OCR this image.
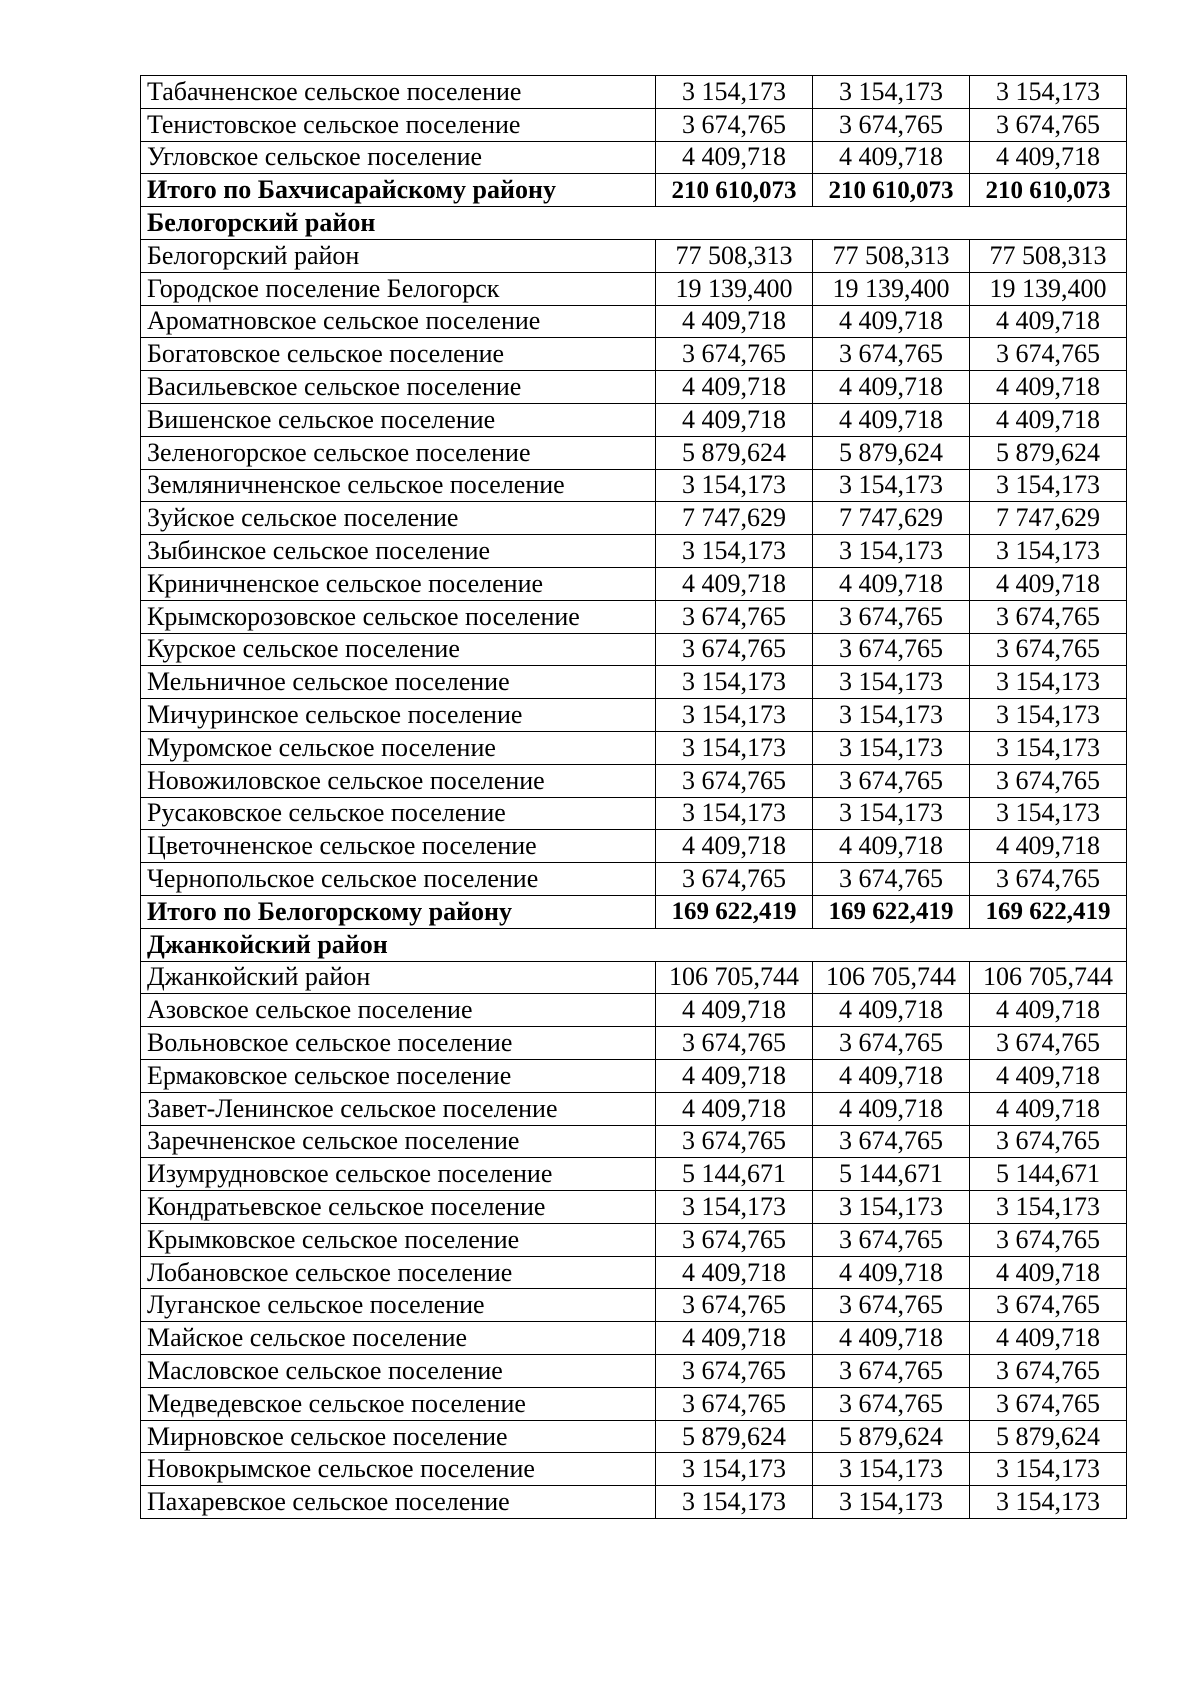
Табачненское сельское поселение	3 154,173	3 154,173	3 154,173
Тенистовское сельское поселение	3 674,765	3 674,765	3 674,765
Угловское сельское поселение	4 409,718	4 409,718	4 409,718
Итого по Бахчисарайскому району	210 610,073	210 610,073	210 610,073
Белогорский район			
Белогорский район	77 508,313	77 508,313	77 508,313
Городское поселение Белогорск	19 139,400	19 139,400	19 139,400
Ароматновское сельское поселение	4 409,718	4 409,718	4 409,718
Богатовское сельское поселение	3 674,765	3 674,765	3 674,765
Васильевское сельское поселение	4 409,718	4 409,718	4 409,718
Вишенское сельское поселение	4 409,718	4 409,718	4 409,718
Зеленогорское сельское поселение	5 879,624	5 879,624	5 879,624
Земляничненское сельское поселение	3 154,173	3 154,173	3 154,173
Зуйское сельское поселение	7 747,629	7 747,629	7 747,629
Зыбинское сельское поселение	3 154,173	3 154,173	3 154,173
Криничненское сельское поселение	4 409,718	4 409,718	4 409,718
Крымскорозовское сельское поселение	3 674,765	3 674,765	3 674,765
Курское сельское поселение	3 674,765	3 674,765	3 674,765
Мельничное сельское поселение	3 154,173	3 154,173	3 154,173
Мичуринское сельское поселение	3 154,173	3 154,173	3 154,173
Муромское сельское поселение	3 154,173	3 154,173	3 154,173
Новожиловское сельское поселение	3 674,765	3 674,765	3 674,765
Русаковское сельское поселение	3 154,173	3 154,173	3 154,173
Цветочненское сельское поселение	4 409,718	4 409,718	4 409,718
Чернопольское сельское поселение	3 674,765	3 674,765	3 674,765
Итого по Белогорскому району	169 622,419	169 622,419	169 622,419
Джанкойский район			
Джанкойский район	106 705,744	106 705,744	106 705,744
Азовское сельское поселение	4 409,718	4 409,718	4 409,718
Вольновское сельское поселение	3 674,765	3 674,765	3 674,765
Ермаковское сельское поселение	4 409,718	4 409,718	4 409,718
Завет-Ленинское сельское поселение	4 409,718	4 409,718	4 409,718
Заречненское сельское поселение	3 674,765	3 674,765	3 674,765
Изумрудновское сельское поселение	5 144,671	5 144,671	5 144,671
Кондратьевское сельское поселение	3 154,173	3 154,173	3 154,173
Крымковское сельское поселение	3 674,765	3 674,765	3 674,765
Лобановское сельское поселение	4 409,718	4 409,718	4 409,718
Луганское сельское поселение	3 674,765	3 674,765	3 674,765
Майское сельское поселение	4 409,718	4 409,718	4 409,718
Масловское сельское поселение	3 674,765	3 674,765	3 674,765
Медведевское сельское поселение	3 674,765	3 674,765	3 674,765
Мирновское сельское поселение	5 879,624	5 879,624	5 879,624
Новокрымское сельское поселение	3 154,173	3 154,173	3 154,173
Пахаревское сельское поселение	3 154,173	3 154,173	3 154,173
